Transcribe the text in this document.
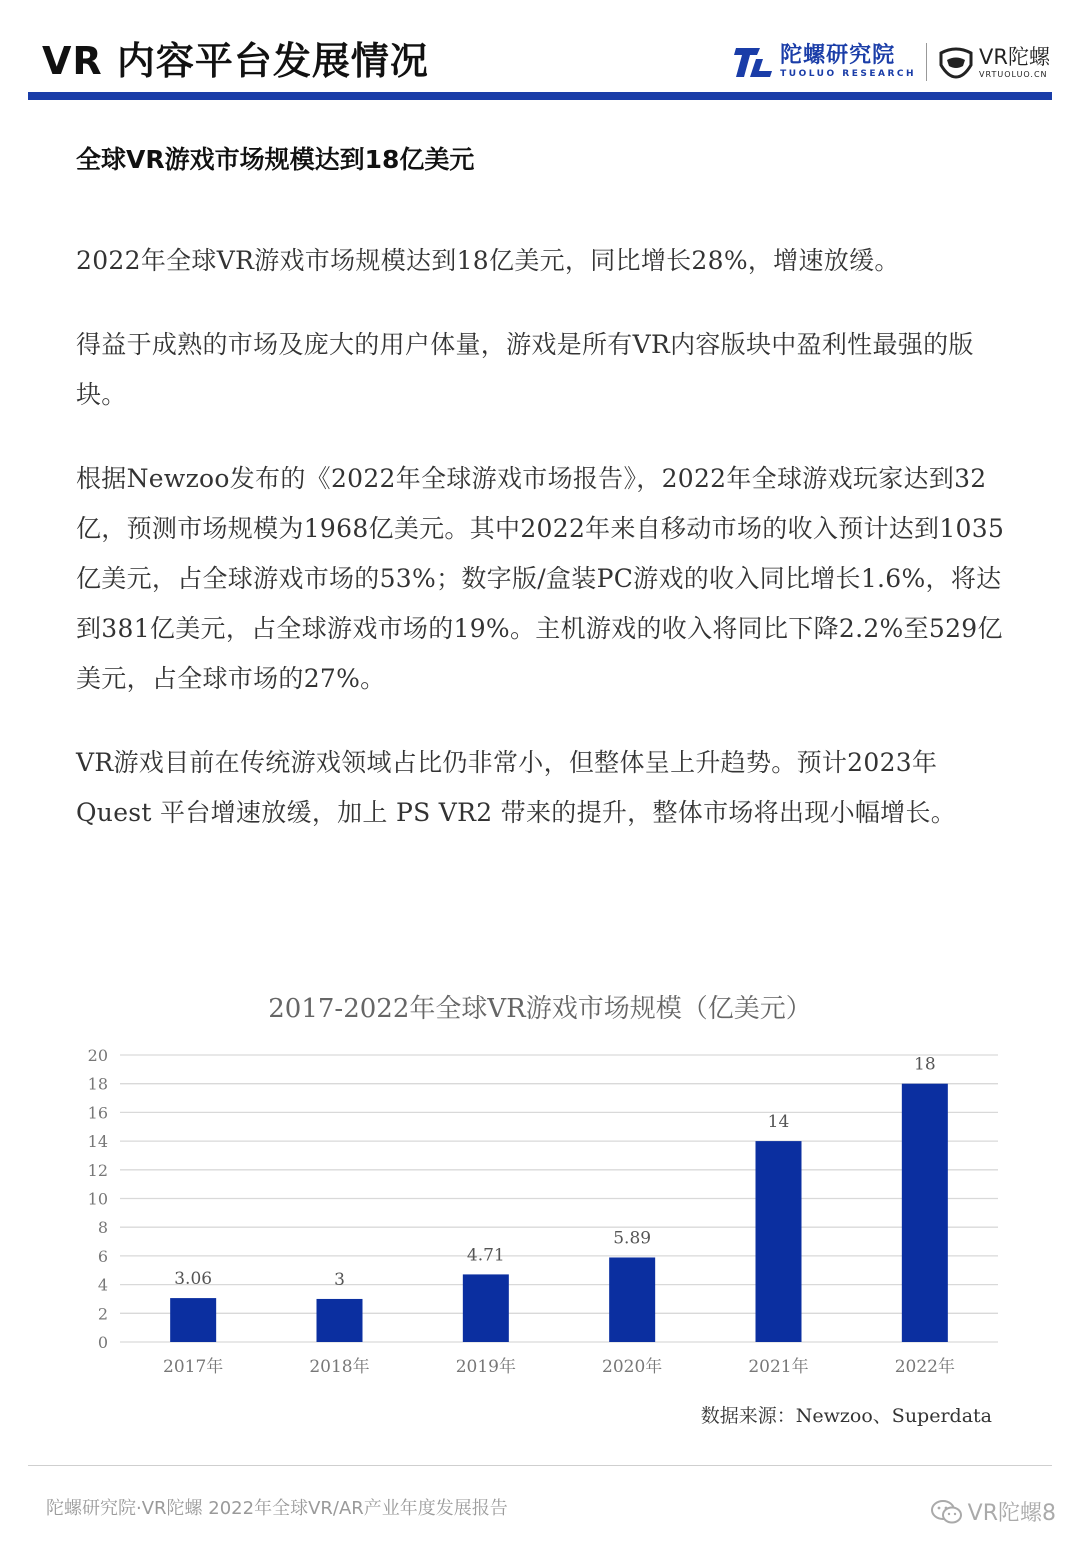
VR 内容平台发展情况	陀螺研究院
TUOLUO RESEARCH
VR陀螺
VRTUOLUO.CN
全球VR游戏市场规模达到18亿美元

2022年全球VR游戏市场规模达到18亿美元，同比增长28%，增速放缓。

得益于成熟的市场及庞大的用户体量，游戏是所有VR内容版块中盈利性最强的版块。

根据Newzoo发布的《2022年全球游戏市场报告》，2022年全球游戏玩家达到32亿，预测市场规模为1968亿美元。其中2022年来自移动市场的收入预计达到1035亿美元，占全球游戏市场的53%；数字版/盒装PC游戏的收入同比增长1.6%，将达到381亿美元，占全球游戏市场的19%。主机游戏的收入将同比下降2.2%至529亿美元，占全球市场的27%。

VR游戏目前在传统游戏领域占比仍非常小，但整体呈上升趋势。预计2023年 Quest 平台增速放缓，加上 PS VR2 带来的提升，整体市场将出现小幅增长。

2017-2022年全球VR游戏市场规模（亿美元）
0
2
4
6
8
10
12
14
16
18
20
3.06
2017年
3
2018年
4.71
2019年
5.89
2020年
14
2021年
18
2022年
数据来源：Newzoo、Superdata
陀螺研究院·VR陀螺 2022年全球VR/AR产业年度发展报告	VR陀螺8
